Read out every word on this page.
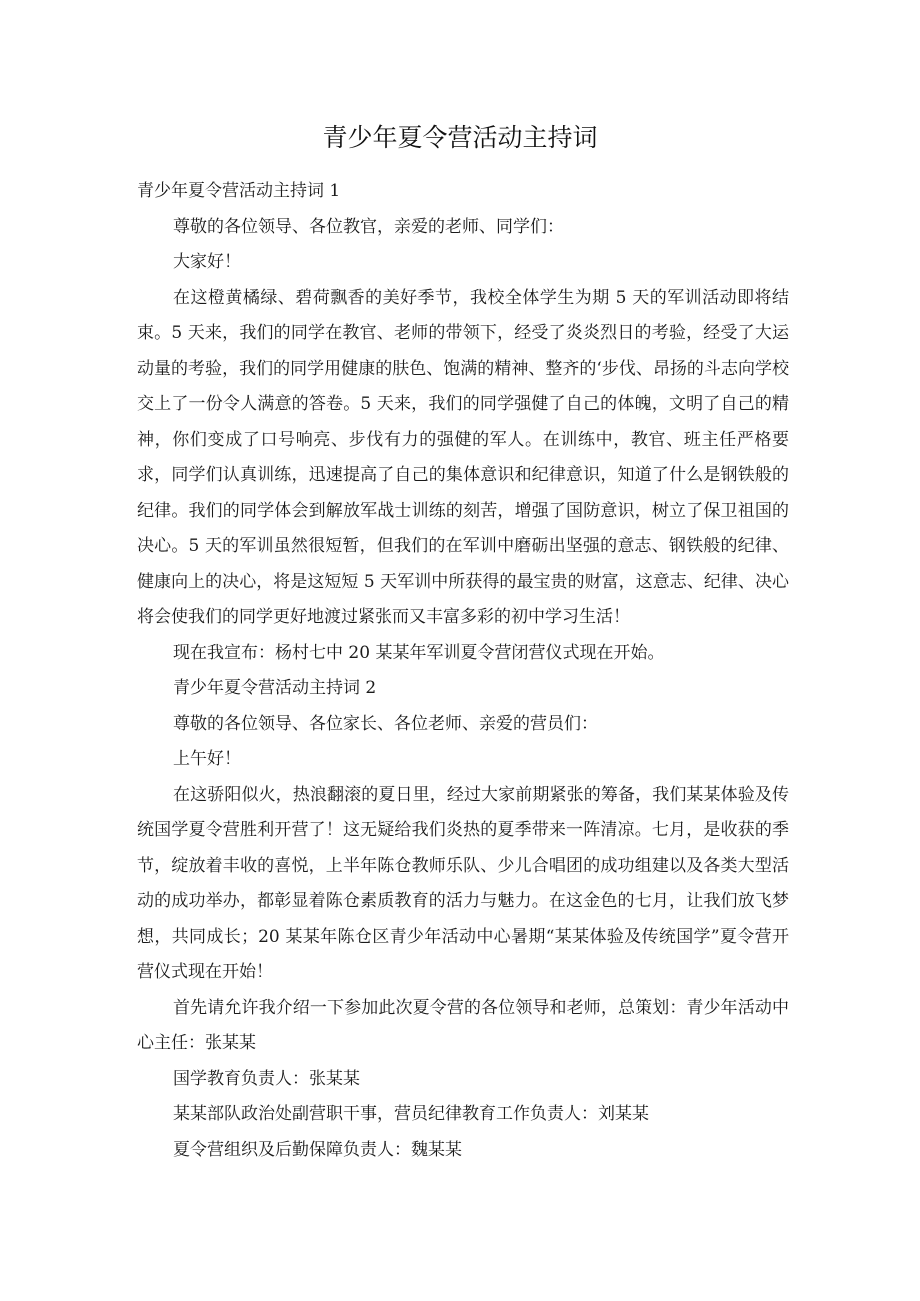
青少年夏令营活动主持词

青少年夏令营活动主持词 1

尊敬的各位领导、各位教官，亲爱的老师、同学们：

大家好！

在这橙黄橘绿、碧荷飘香的美好季节，我校全体学生为期 5 天的军训活动即将结束。5 天来，我们的同学在教官、老师的带领下，经受了炎炎烈日的考验，经受了大运动量的考验，我们的同学用健康的肤色、饱满的精神、整齐的‘步伐、昂扬的斗志向学校交上了一份令人满意的答卷。5 天来，我们的同学强健了自己的体魄，文明了自己的精神，你们变成了口号响亮、步伐有力的强健的军人。在训练中，教官、班主任严格要求，同学们认真训练，迅速提高了自己的集体意识和纪律意识，知道了什么是钢铁般的纪律。我们的同学体会到解放军战士训练的刻苦，增强了国防意识，树立了保卫祖国的决心。5 天的军训虽然很短暂，但我们的在军训中磨砺出坚强的意志、钢铁般的纪律、健康向上的决心，将是这短短 5 天军训中所获得的最宝贵的财富，这意志、纪律、决心将会使我们的同学更好地渡过紧张而又丰富多彩的初中学习生活！

现在我宣布：杨村七中 20 某某年军训夏令营闭营仪式现在开始。

青少年夏令营活动主持词 2

尊敬的各位领导、各位家长、各位老师、亲爱的营员们：

上午好！

在这骄阳似火，热浪翻滚的夏日里，经过大家前期紧张的筹备，我们某某体验及传统国学夏令营胜利开营了！这无疑给我们炎热的夏季带来一阵清凉。七月，是收获的季节，绽放着丰收的喜悦，上半年陈仓教师乐队、少儿合唱团的成功组建以及各类大型活动的成功举办，都彰显着陈仓素质教育的活力与魅力。在这金色的七月，让我们放飞梦想，共同成长；20 某某年陈仓区青少年活动中心暑期“某某体验及传统国学”夏令营开营仪式现在开始！

首先请允许我介绍一下参加此次夏令营的各位领导和老师，总策划：青少年活动中心主任：张某某

国学教育负责人：张某某

某某部队政治处副营职干事，营员纪律教育工作负责人：刘某某

夏令营组织及后勤保障负责人：魏某某
